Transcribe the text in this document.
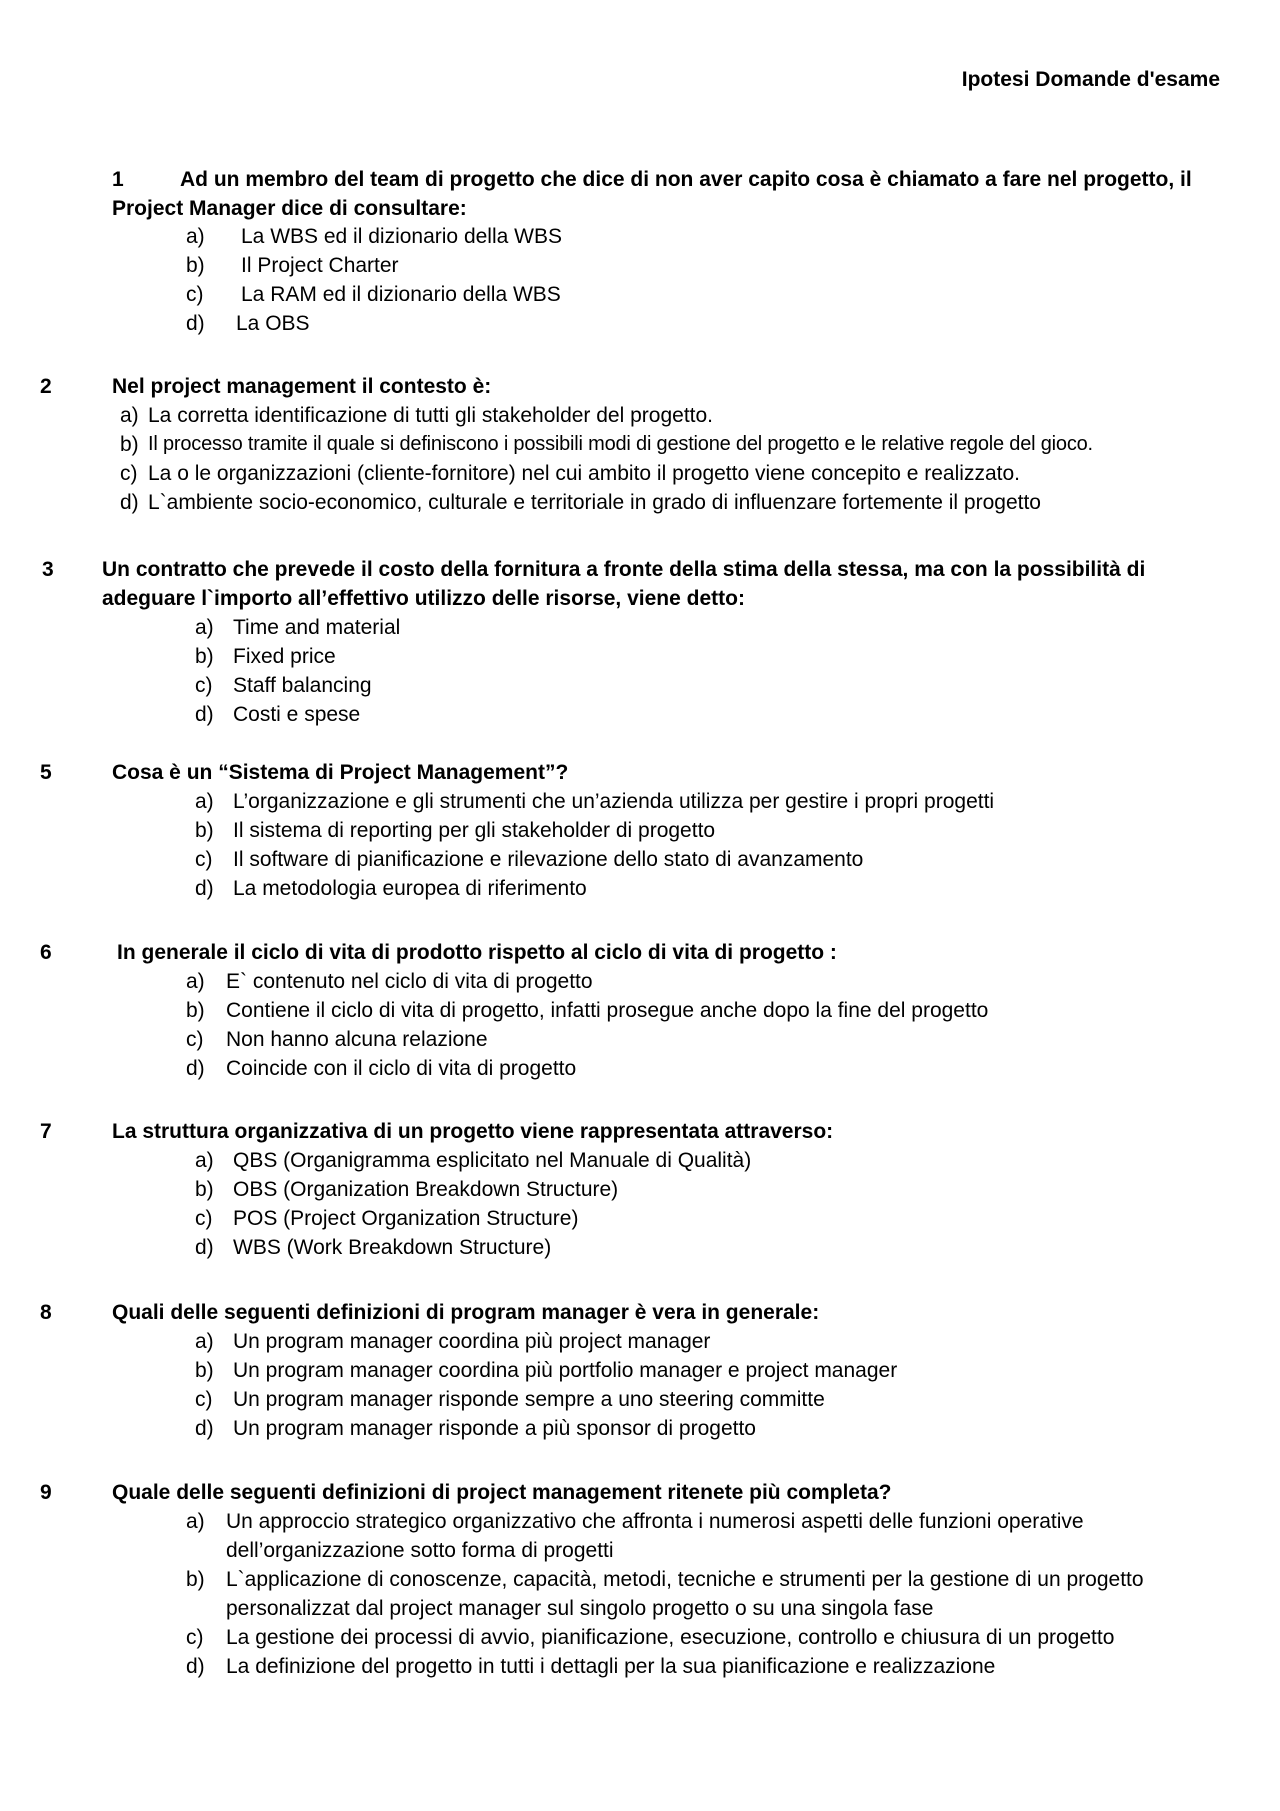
Ipotesi Domande d'esame
1	Ad un membro del team di progetto che dice di non aver capito cosa è chiamato a fare nel progetto, il Project Manager dice di consultare:
a) La WBS ed il dizionario della WBS
b) Il Project Charter
c) La RAM ed il dizionario della WBS
d) La OBS
2	Nel project management il contesto è:
a) La corretta identificazione di tutti gli stakeholder del progetto.
b) Il processo tramite il quale si definiscono i possibili modi di gestione del progetto e le relative regole del gioco.
c) La o le organizzazioni (cliente-fornitore) nel cui ambito il progetto viene concepito e realizzato.
d) L`ambiente socio-economico, culturale e territoriale in grado di influenzare fortemente il progetto
3 Un contratto che prevede il costo della fornitura a fronte della stima della stessa, ma con la possibilità di adeguare l`importo all’effettivo utilizzo delle risorse, viene detto:
a) Time and material
b) Fixed price
c) Staff balancing
d) Costi e spese
5	Cosa è un “Sistema di Project Management”?
a) L’organizzazione e gli strumenti che un’azienda utilizza per gestire i propri progetti
b) Il sistema di reporting per gli stakeholder di progetto
c) Il software di pianificazione e rilevazione dello stato di avanzamento
d) La metodologia europea di riferimento
6	In generale il ciclo di vita di prodotto rispetto al ciclo di vita di progetto :
a) E` contenuto nel ciclo di vita di progetto
b) Contiene il ciclo di vita di progetto, infatti prosegue anche dopo la fine del progetto
c) Non hanno alcuna relazione
d) Coincide con il ciclo di vita di progetto
7	La struttura organizzativa di un progetto viene rappresentata attraverso:
a) QBS (Organigramma esplicitato nel Manuale di Qualità)
b) OBS (Organization Breakdown Structure)
c) POS (Project Organization Structure)
d) WBS (Work Breakdown Structure)
8	Quali delle seguenti definizioni di program manager è vera in generale:
a) Un program manager coordina più project manager
b) Un program manager coordina più portfolio manager e project manager
c) Un program manager risponde sempre a uno steering committe
d) Un program manager risponde a più sponsor di progetto
9	Quale delle seguenti definizioni di project management ritenete più completa?
a) Un approccio strategico organizzativo che affronta i numerosi aspetti delle funzioni operative dell’organizzazione sotto forma di progetti
b) L`applicazione di conoscenze, capacità, metodi, tecniche e strumenti per la gestione di un progetto personalizzat dal project manager sul singolo progetto o su una singola fase
c) La gestione dei processi di avvio, pianificazione, esecuzione, controllo e chiusura di un progetto
d) La definizione del progetto in tutti i dettagli per la sua pianificazione e realizzazione
